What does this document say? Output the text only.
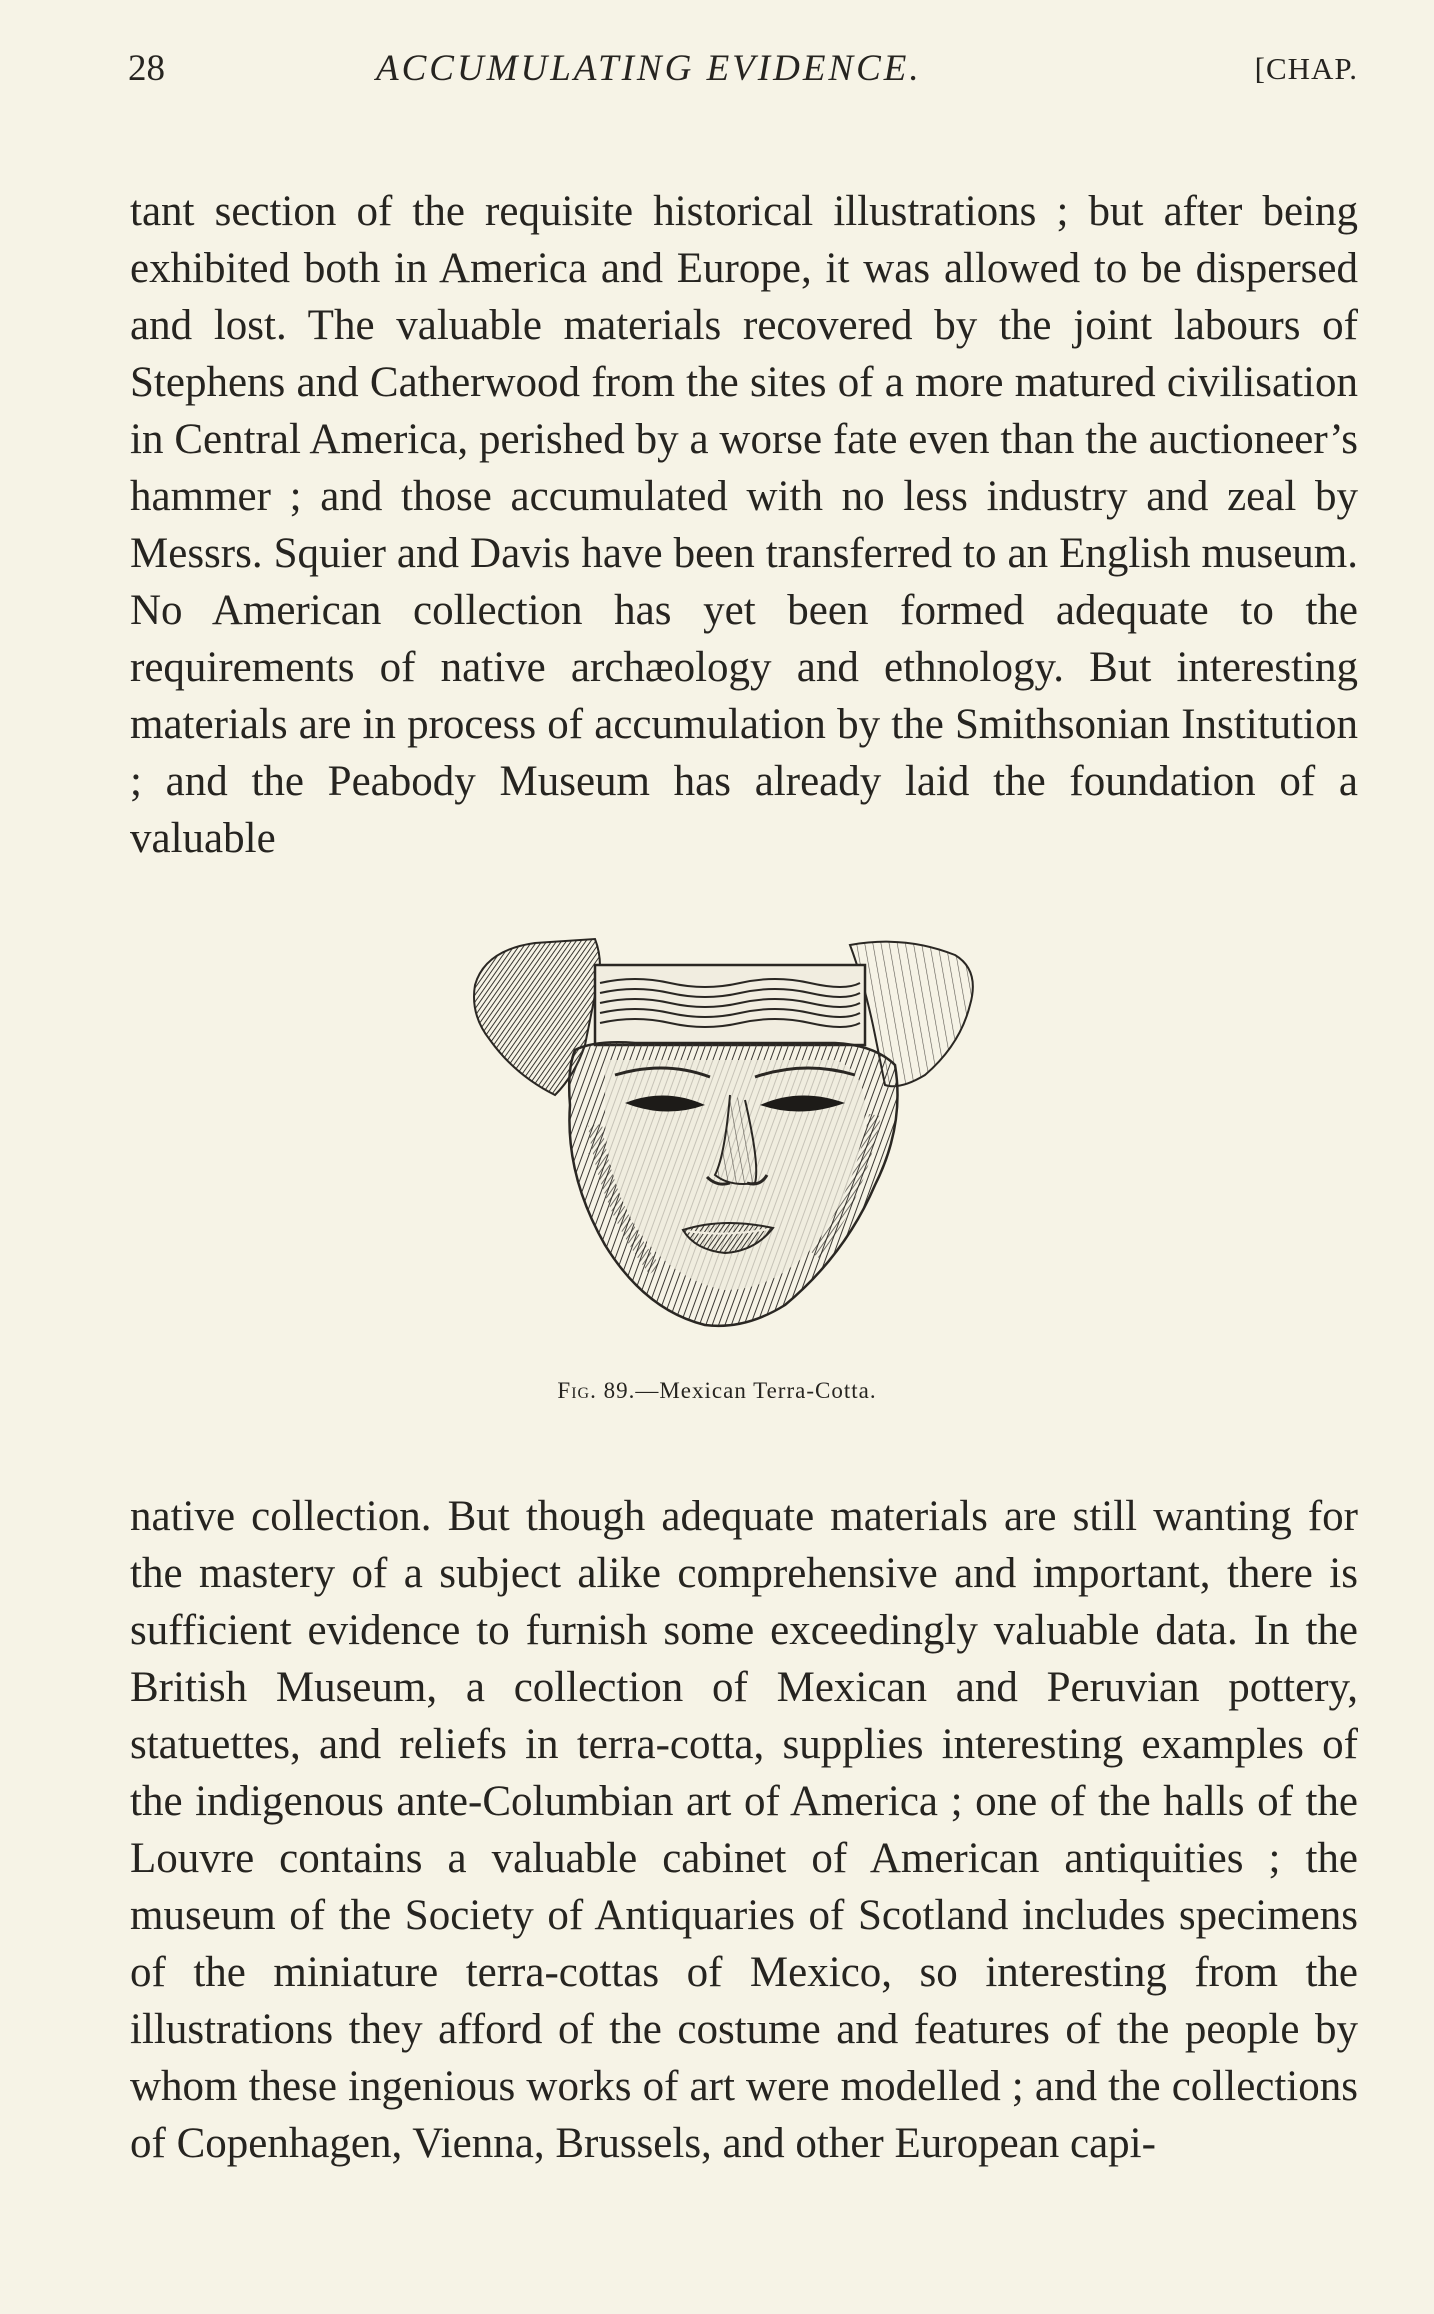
28	ACCUMULATING EVIDENCE.	[CHAP.

tant section of the requisite historical illustrations ; but after being exhibited both in America and Europe, it was allowed to be dispersed and lost. The valuable materials recovered by the joint labours of Stephens and Catherwood from the sites of a more matured civilisation in Central America, perished by a worse fate even than the auctioneer’s hammer ; and those accumulated with no less industry and zeal by Messrs. Squier and Davis have been transferred to an English museum. No American collection has yet been formed adequate to the requirements of native archæology and ethnology. But interesting materials are in process of accumulation by the Smithsonian Institution ; and the Peabody Museum has already laid the foundation of a valuable

Fig. 89.—Mexican Terra-Cotta.

native collection. But though adequate materials are still wanting for the mastery of a subject alike comprehensive and important, there is sufficient evidence to furnish some exceedingly valuable data. In the British Museum, a collection of Mexican and Peruvian pottery, statuettes, and reliefs in terra-cotta, supplies interesting examples of the indigenous ante-Columbian art of America ; one of the halls of the Louvre contains a valuable cabinet of American antiquities ; the museum of the Society of Antiquaries of Scotland includes specimens of the miniature terra-cottas of Mexico, so interesting from the illustrations they afford of the costume and features of the people by whom these ingenious works of art were modelled ; and the collections of Copenhagen, Vienna, Brussels, and other European capi-
